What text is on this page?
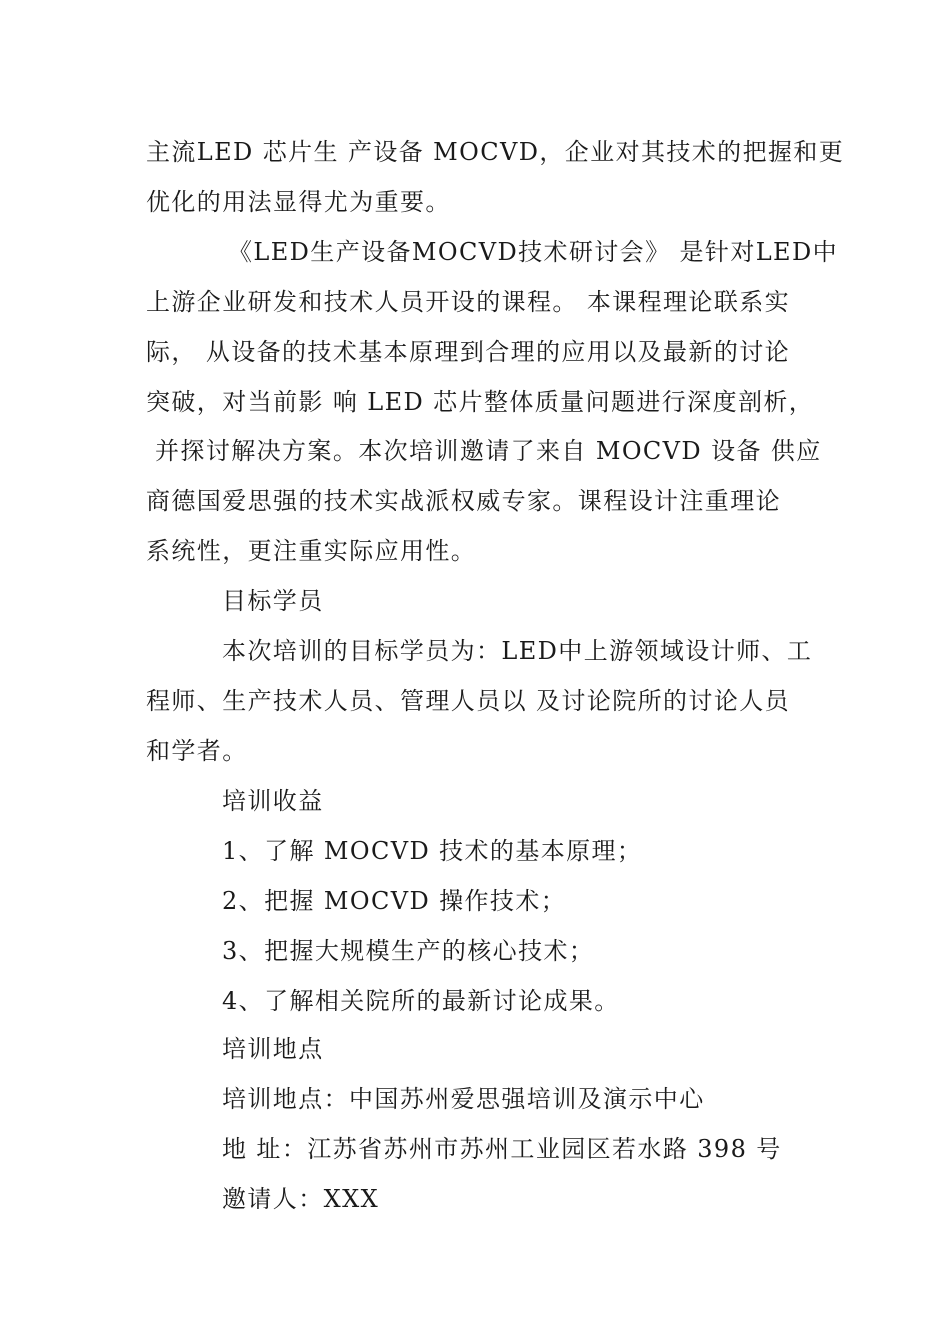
主流LED 芯片生 产设备 MOCVD，企业对其技术的把握和更
优化的用法显得尤为重要。
《LED生产设备MOCVD技术研讨会》 是针对LED中
上游企业研发和技术人员开设的课程。 本课程理论联系实
际， 从设备的技术基本原理到合理的应用以及最新的讨论
突破，对当前影 响 LED 芯片整体质量问题进行深度剖析，
并探讨解决方案。本次培训邀请了来自 MOCVD 设备 供应
商德国爱思强的技术实战派权威专家。课程设计注重理论
系统性，更注重实际应用性。
目标学员
本次培训的目标学员为：LED中上游领域设计师、工
程师、生产技术人员、管理人员以 及讨论院所的讨论人员
和学者。
培训收益
1、了解 MOCVD 技术的基本原理；
2、把握 MOCVD 操作技术；
3、把握大规模生产的核心技术；
4、了解相关院所的最新讨论成果。
培训地点
培训地点：中国苏州爱思强培训及演示中心
地 址：江苏省苏州市苏州工业园区若水路 398 号
邀请人：XXX
